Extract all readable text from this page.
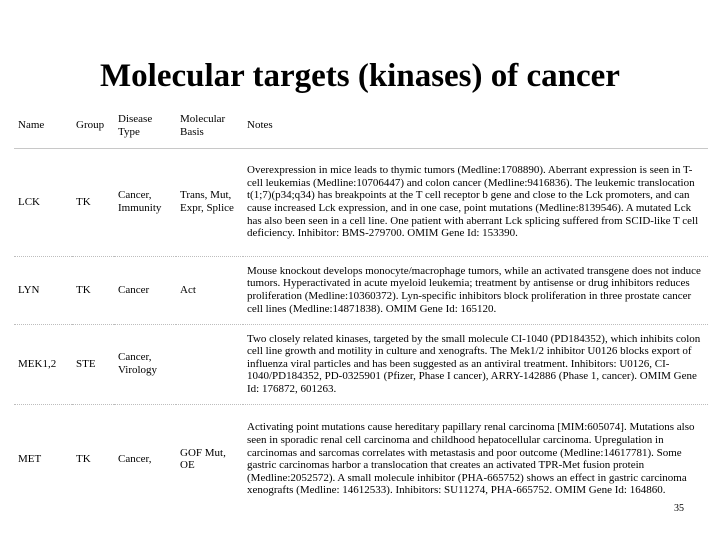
Molecular targets (kinases) of cancer
Name	Group	Disease Type	Molecular Basis	Notes
LCK	TK	Cancer, Immunity	Trans, Mut, Expr, Splice	Overexpression in mice leads to thymic tumors (Medline:1708890). Aberrant expression is seen in T-cell leukemias (Medline:10706447) and colon cancer (Medline:9416836). The leukemic translocation t(1;7)(p34;q34) has breakpoints at the T cell receptor b gene and close to the Lck promoters, and can cause increased Lck expression, and in one case, point mutations (Medline:8139546). A mutated Lck has also been seen in a cell line. One patient with aberrant Lck splicing suffered from SCID-like T cell deficiency. Inhibitor: BMS-279700. OMIM Gene Id: 153390.
LYN	TK	Cancer	Act	Mouse knockout develops monocyte/macrophage tumors, while an activated transgene does not induce tumors. Hyperactivated in acute myeloid leukemia; treatment by antisense or drug inhibitors reduces proliferation (Medline:10360372). Lyn-specific inhibitors block proliferation in three prostate cancer cell lines (Medline:14871838). OMIM Gene Id: 165120.
MEK1,2	STE	Cancer, Virology		Two closely related kinases, targeted by the small molecule CI-1040 (PD184352), which inhibits colon cell line growth and motility in culture and xenografts. The Mek1/2 inhibitor U0126 blocks export of influenza viral particles and has been suggested as an antiviral treatment. Inhibitors: U0126, CI-1040/PD184352, PD-0325901 (Pfizer, Phase I cancer), ARRY-142886 (Phase 1, cancer). OMIM Gene Id: 176872, 601263.
MET	TK	Cancer,	GOF Mut, OE	Activating point mutations cause hereditary papillary renal carcinoma [MIM:605074]. Mutations also seen in sporadic renal cell carcinoma and childhood hepatocellular carcinoma. Upregulation in carcinomas and sarcomas correlates with metastasis and poor outcome (Medline:14617781). Some gastric carcinomas harbor a translocation that creates an activated TPR-Met fusion protein (Medline:2052572). A small molecule inhibitor (PHA-665752) shows an effect in gastric carcinoma xenografts (Medline: 14612533). Inhibitors: SU11274, PHA-665752. OMIM Gene Id: 164860.
35
